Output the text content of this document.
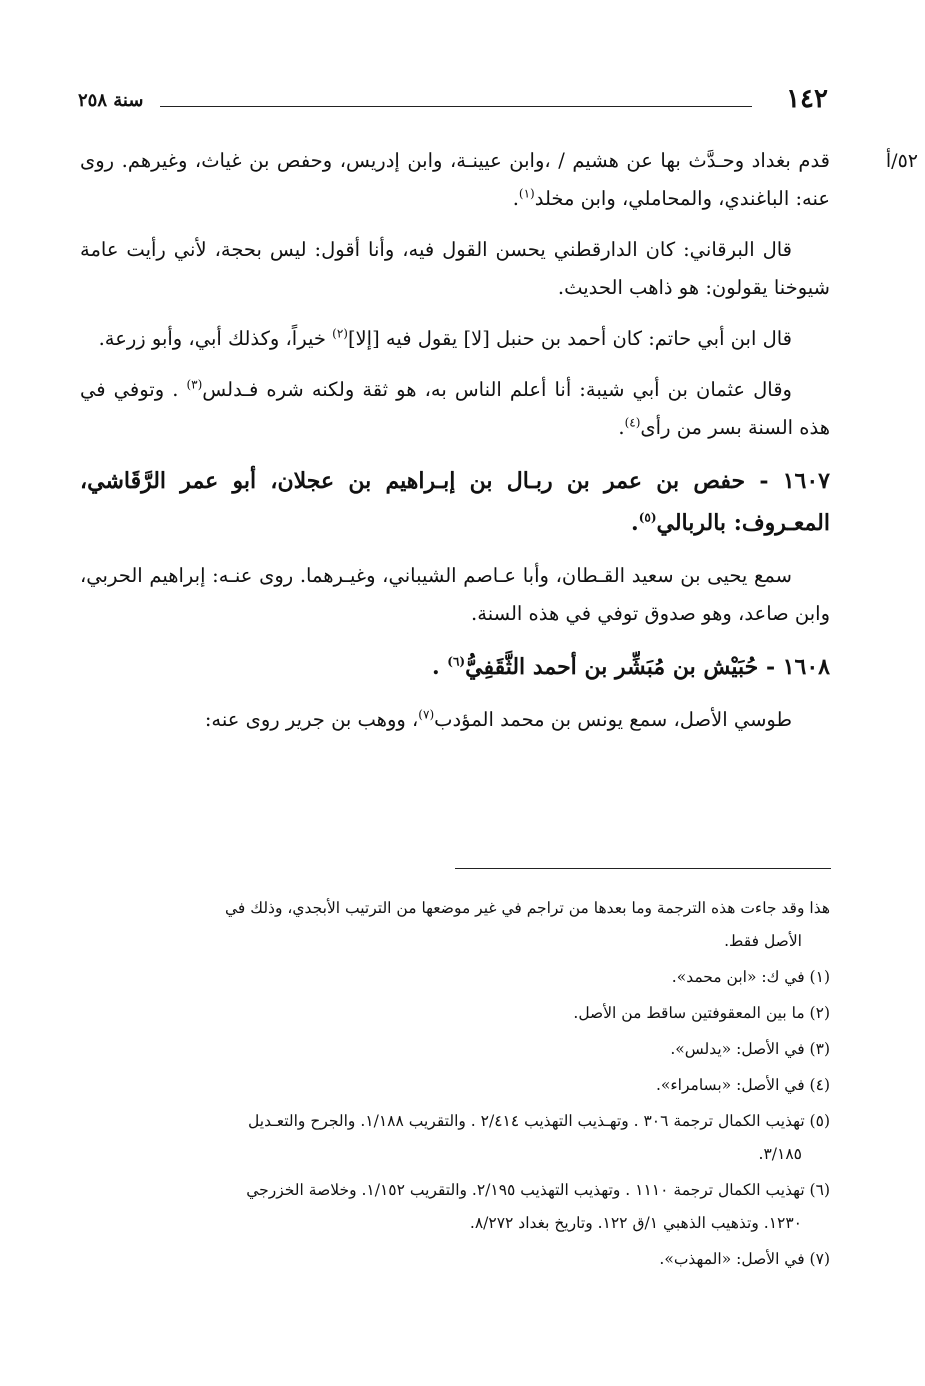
١٤٢
سنة ٢٥٨

٥٢/أ
قدم بغداد وحـدَّث بها عن هشيم / ،وابن عيينـة، وابن إدريس، وحفص بن غياث، وغيرهم. روى عنه: الباغندي، والمحاملي، وابن مخلد$^{(١)}$.

قال البرقاني: كان الدارقطني يحسن القول فيه، وأنا أقول: ليس بحجة، لأني رأيت عامة شيوخنا يقولون: هو ذاهب الحديث.

قال ابن أبي حاتم: كان أحمد بن حنبل [لا] يقول فيه [إلا]$^{(٢)}$ خيراً، وكذلك أبي، وأبو زرعة.

وقال عثمان بن أبي شيبة: أنا أعلم الناس به، هو ثقة ولكنه شره فـدلس$^{(٣)}$ . وتوفي في هذه السنة بسر من رأى$^{(٤)}$.

١٦٠٧ - حفص بن عمر بن ربـال بن إبـراهيم بن عجلان، أبو عمر الرَّقَاشي، المعـروف: بالربالي$^{(٥)}$.

سمع يحيى بن سعيد القـطان، وأبا عـاصم الشيباني، وغيـرهما. روى عنـه: إبراهيم الحربي، وابن صاعد، وهو صدوق توفي في هذه السنة.

١٦٠٨ - حُبَيْش بن مُبَشِّر بن أحمد الثَّقَفِيُّ$^{(٦)}$ .

طوسي الأصل، سمع يونس بن محمد المؤدب$^{(٧)}$، ووهب بن جرير روى عنه:

هذا وقد جاءت هذه الترجمة وما بعدها من تراجم في غير موضعها من الترتيب الأبجدي، وذلك في
الأصل فقط.
(١) في ك: «ابن محمد».
(٢) ما بين المعقوفتين ساقط من الأصل.
(٣) في الأصل: «يدلس».
(٤) في الأصل: «بسامراء».
(٥) تهذيب الكمال ترجمة ٣٠٦ . وتهـذيب التهذيب ٢/٤١٤ . والتقريب ١/١٨٨. والجرح والتعـديل
٣/١٨٥.
(٦) تهذيب الكمال ترجمة ١١١٠ . وتهذيب التهذيب ٢/١٩٥. والتقريب ١/١٥٢. وخلاصة الخزرجي
١٢٣٠. وتذهيب الذهبي ١/ق ١٢٢. وتاريخ بغداد ٨/٢٧٢.
(٧) في الأصل: «المهذب».
